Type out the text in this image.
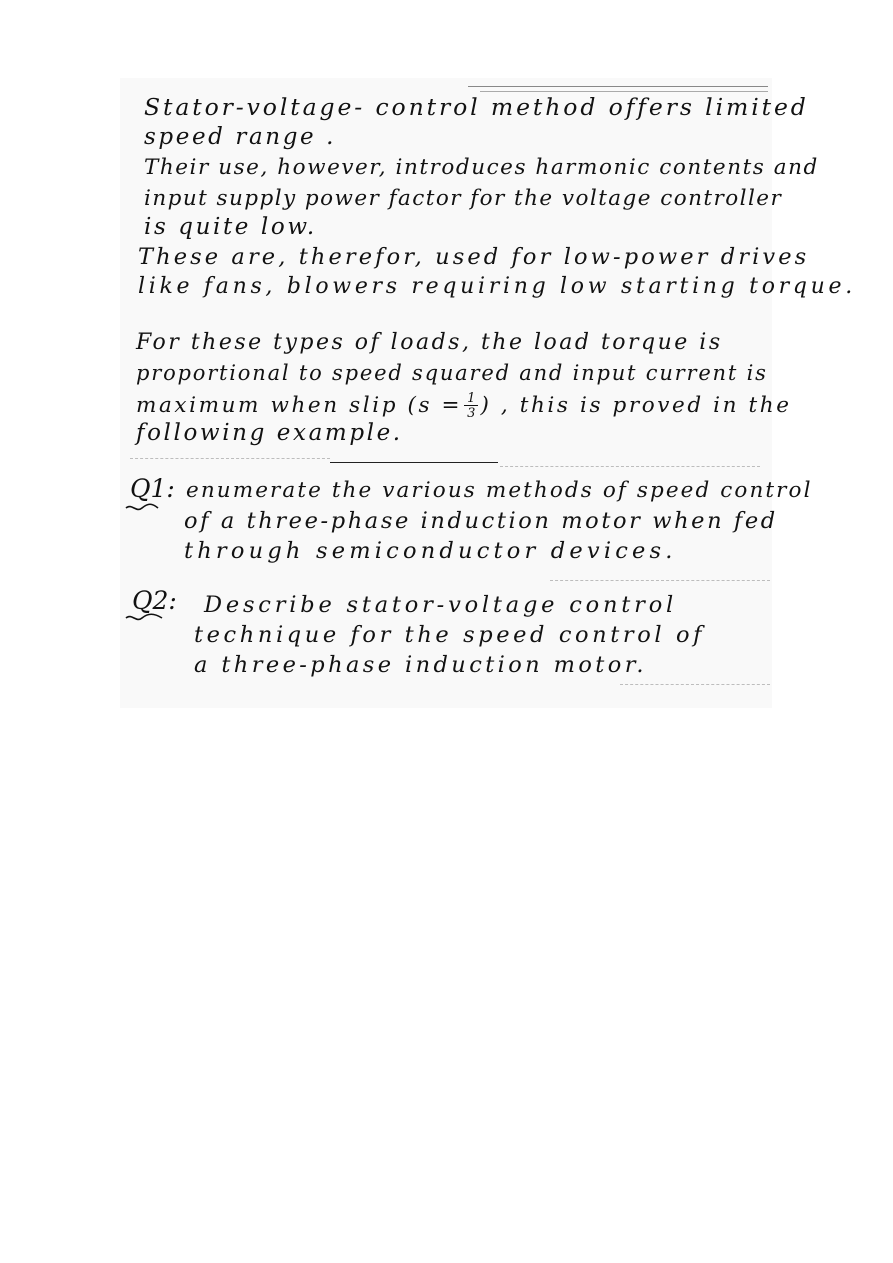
Stator-voltage- control method offers limited
speed range .
Their use, however, introduces harmonic contents and
input supply power factor for the voltage controller
is quite low.
These are, therefor, used for low-power drives
like fans, blowers requiring low starting torque.
For these types of loads, the load torque is
proportional to speed squared and input current is
maximum when slip ($s = \frac{1}{3}$ ) , this is proved in the
following example.
Q1: enumerate the various methods of speed control
of a three-phase induction motor when fed
through semiconductor devices.
Q2: Describe stator-voltage control
technique for the speed control of
a three-phase induction motor.
